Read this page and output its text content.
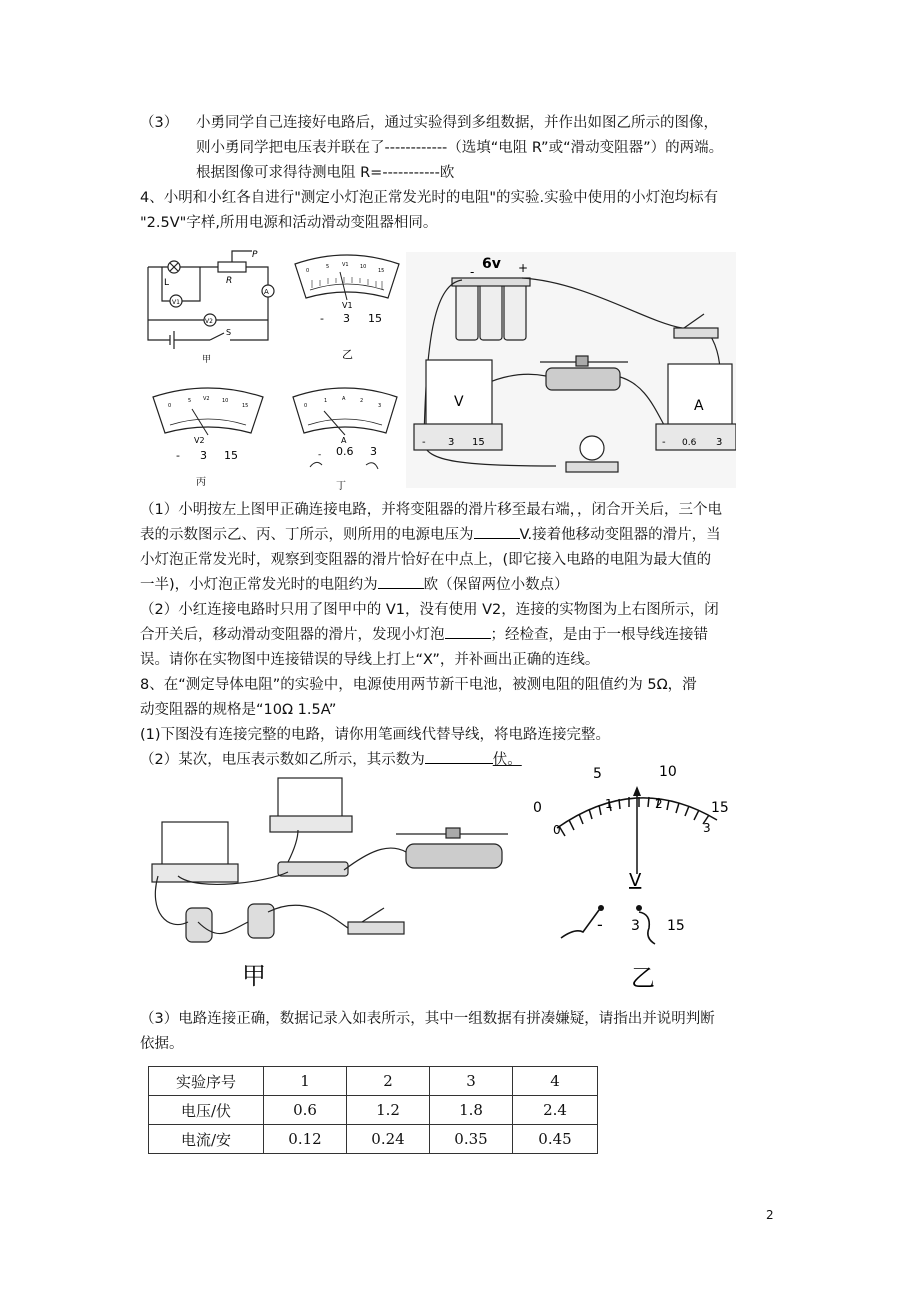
（3） 小勇同学自己连接好电路后，通过实验得到多组数据，并作出如图乙所示的图像，
则小勇同学把电压表并联在了------------（选填“电阻 R”或“滑动变阻器”）的两端。
根据图像可求得待测电阻 R=-----------欧
4、小明和小红各自进行"测定小灯泡正常发光时的电阻"的实验.实验中使用的小灯泡均标有
"2.5V"字样,所用电源和活动滑动变阻器相同。
L	R
P
A
V1
V2
S
甲
0
5	V1 10
15
V1
- 3 15
乙
0
5 V2 10
15
V2
- 3 15
丙
0
1	A	2
3
A
- 0.6 3
丁
6v
-	+
V
- 3 15
A
- 0.6 3
（1）小明按左上图甲正确连接电路，并将变阻器的滑片移至最右端，，闭合开关后，三个电
表的示数图示乙、丙、丁所示，则所用的电源电压为	V.接着他移动变阻器的滑片，当
小灯泡正常发光时，观察到变阻器的滑片恰好在中点上，(即它接入电路的电阻为最大值的
一半)，小灯泡正常发光时的电阻约为	欧（保留两位小数点）
（2）小红连接电路时只用了图甲中的 V1，没有使用 V2，连接的实物图为上右图所示，闭
合开关后，移动滑动变阻器的滑片，发现小灯泡	；经检查，是由于一根导线连接错
误。请你在实物图中连接错误的导线上打上“X”，并补画出正确的连线。
8、在“测定导体电阻”的实验中，电源使用两节新干电池，被测电阻的阻值约为 5Ω，滑
动变阻器的规格是“10Ω 1.5A”
(1)下图没有连接完整的电路，请你用笔画线代替导线，将电路连接完整。
（2）某次，电压表示数如乙所示，其示数为	伏。
甲
0
5	10
15
0
1	2
3
V
- 3 15
乙
（3）电路连接正确，数据记录入如表所示，其中一组数据有拼凑嫌疑，请指出并说明判断
依据。
实验序号	1	2	3	4
电压/伏	0.6	1.2	1.8	2.4
电流/安	0.12	0.24	0.35	0.45
2
